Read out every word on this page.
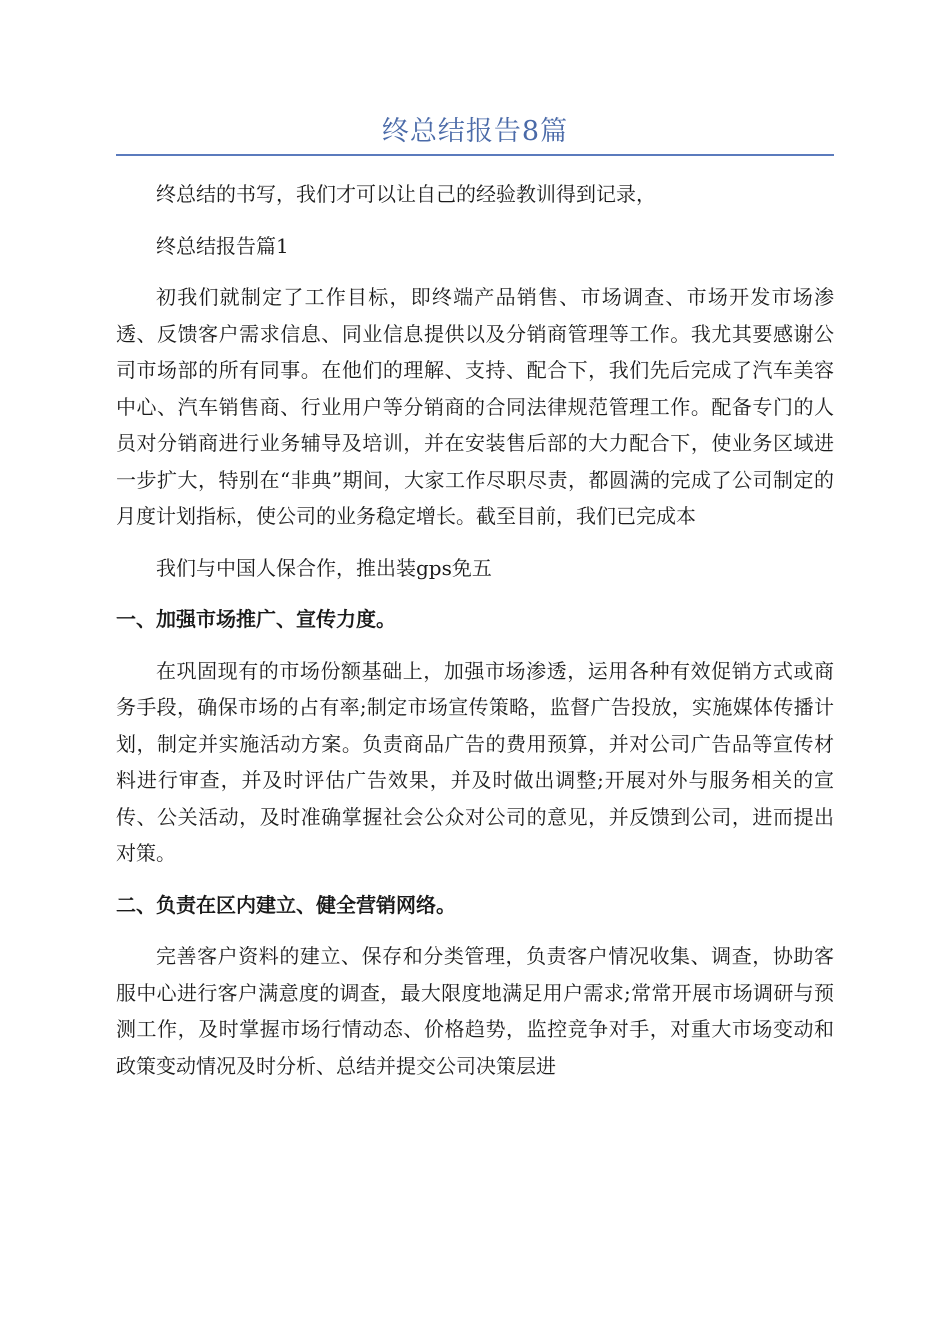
终总结报告8篇

终总结的书写，我们才可以让自己的经验教训得到记录，

终总结报告篇1

初我们就制定了工作目标，即终端产品销售、市场调查、市场开发市场渗透、反馈客户需求信息、同业信息提供以及分销商管理等工作。我尤其要感谢公司市场部的所有同事。在他们的理解、支持、配合下，我们先后完成了汽车美容中心、汽车销售商、行业用户等分销商的合同法律规范管理工作。配备专门的人员对分销商进行业务辅导及培训，并在安装售后部的大力配合下，使业务区域进一步扩大，特别在“非典”期间，大家工作尽职尽责，都圆满的完成了公司制定的月度计划指标，使公司的业务稳定增长。截至目前，我们已完成本

我们与中国人保合作，推出装gps免五

一、加强市场推广、宣传力度。

在巩固现有的市场份额基础上，加强市场渗透，运用各种有效促销方式或商务手段，确保市场的占有率;制定市场宣传策略，监督广告投放，实施媒体传播计划，制定并实施活动方案。负责商品广告的费用预算，并对公司广告品等宣传材料进行审查，并及时评估广告效果，并及时做出调整;开展对外与服务相关的宣传、公关活动，及时准确掌握社会公众对公司的意见，并反馈到公司，进而提出对策。

二、负责在区内建立、健全营销网络。

完善客户资料的建立、保存和分类管理，负责客户情况收集、调查，协助客服中心进行客户满意度的调查，最大限度地满足用户需求;常常开展市场调研与预测工作，及时掌握市场行情动态、价格趋势，监控竞争对手，对重大市场变动和政策变动情况及时分析、总结并提交公司决策层进
